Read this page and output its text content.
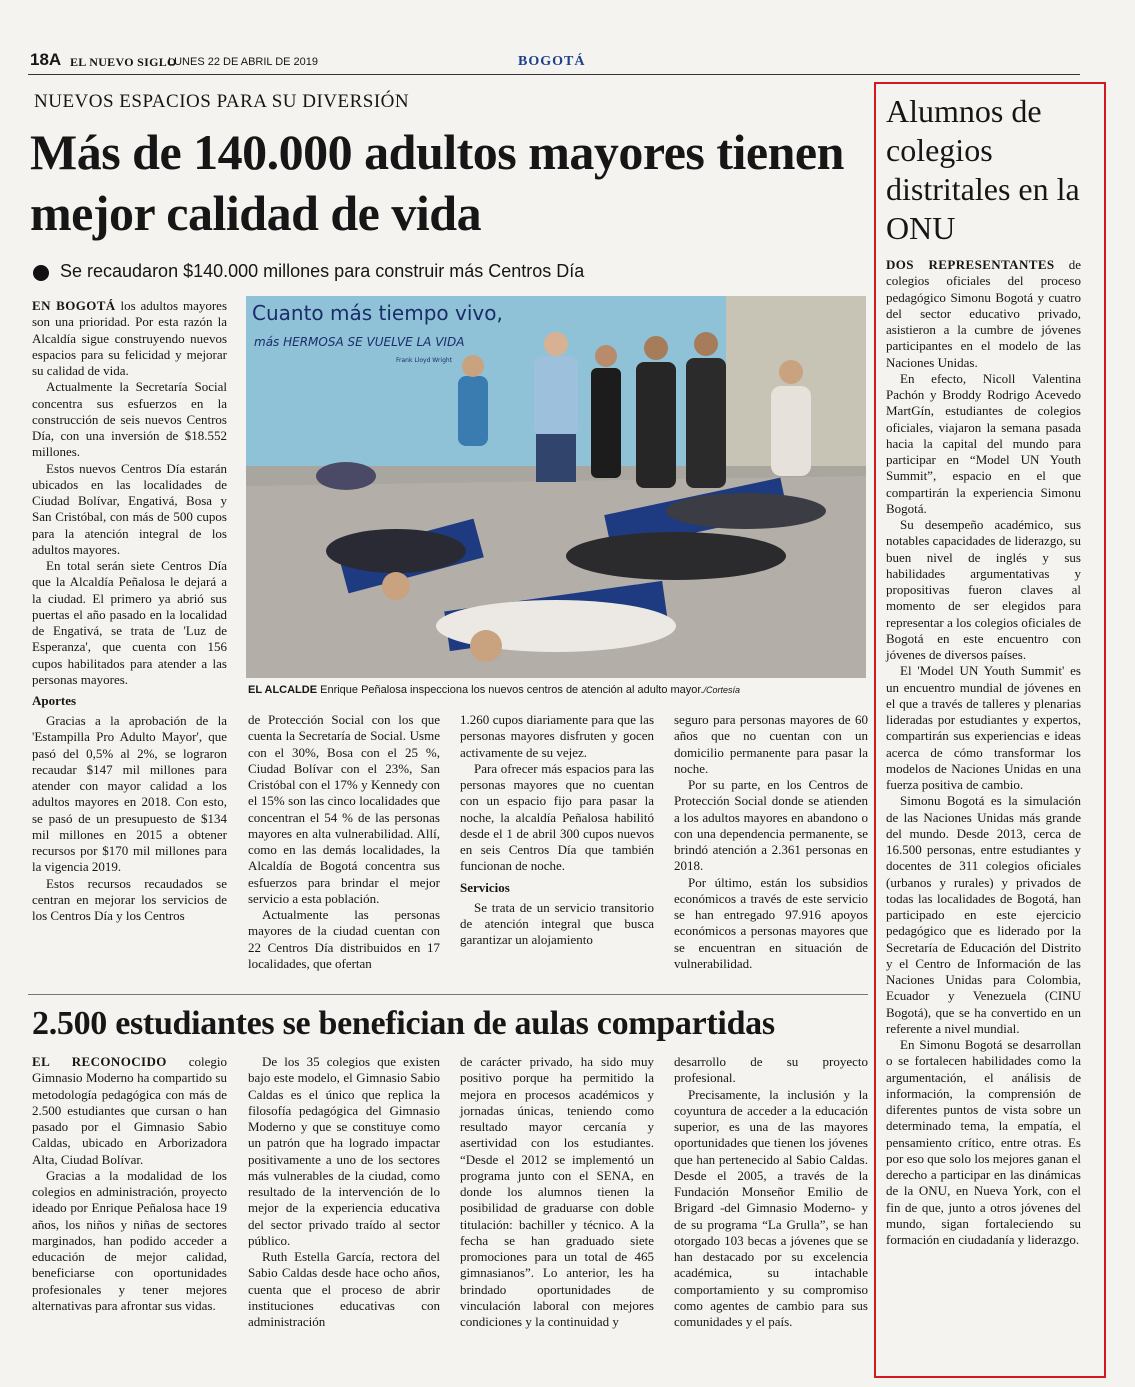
18A EL NUEVO SIGLO
LUNES 22 DE ABRIL DE 2019	BOGOTÁ
NUEVOS ESPACIOS PARA SU DIVERSIÓN
Más de 140.000 adultos mayores tienen mejor calidad de vida
Se recaudaron $140.000 millones para construir más Centros Día

EN BOGOTÁ los adultos mayores son una prioridad. Por esta razón la Alcaldía sigue construyendo nuevos espacios para su felicidad y mejorar su calidad de vida.

Actualmente la Secretaría Social concentra sus esfuerzos en la construcción de seis nuevos Centros Día, con una inversión de $18.552 millones.

Estos nuevos Centros Día estarán ubicados en las localidades de Ciudad Bolívar, Engativá, Bosa y San Cristóbal, con más de 500 cupos para la atención integral de los adultos mayores.

En total serán siete Centros Día que la Alcaldía Peñalosa le dejará a la ciudad. El primero ya abrió sus puertas el año pasado en la localidad de Engativá, se trata de 'Luz de Esperanza', que cuenta con 156 cupos habilitados para atender a las personas mayores.

Aportes

Gracias a la aprobación de la 'Estampilla Pro Adulto Mayor', que pasó del 0,5% al 2%, se lograron recaudar $147 mil millones para atender con mayor calidad a los adultos mayores en 2018. Con esto, se pasó de un presupuesto de $134 mil millones en 2015 a obtener recursos por $170 mil millones para la vigencia 2019.

Estos recursos recaudados se centran en mejorar los servicios de los Centros Día y los Centros

Cuanto más tiempo vivo,
más HERMOSA SE VUELVE LA VIDA
Frank Lloyd Wright
EL ALCALDE Enrique Peñalosa inspecciona los nuevos centros de atención al adulto mayor./Cortesía

de Protección Social con los que cuenta la Secretaría de Social. Usme con el 30%, Bosa con el 25 %, Ciudad Bolívar con el 23%, San Cristóbal con el 17% y Kennedy con el 15% son las cinco localidades que concentran el 54 % de las personas mayores en alta vulnerabilidad. Allí, como en las demás localidades, la Alcaldía de Bogotá concentra sus esfuerzos para brindar el mejor servicio a esta población.

Actualmente las personas mayores de la ciudad cuentan con 22 Centros Día distribuidos en 17 localidades, que ofertan

1.260 cupos diariamente para que las personas mayores disfruten y gocen activamente de su vejez.

Para ofrecer más espacios para las personas mayores que no cuentan con un espacio fijo para pasar la noche, la alcaldía Peñalosa habilitó desde el 1 de abril 300 cupos nuevos en seis Centros Día que también funcionan de noche.

Servicios

Se trata de un servicio transitorio de atención integral que busca garantizar un alojamiento

seguro para personas mayores de 60 años que no cuentan con un domicilio permanente para pasar la noche.

Por su parte, en los Centros de Protección Social donde se atienden a los adultos mayores en abandono o con una dependencia permanente, se brindó atención a 2.361 personas en 2018.

Por último, están los subsidios económicos a través de este servicio se han entregado 97.916 apoyos económicos a personas mayores que se encuentran en situación de vulnerabilidad.

2.500 estudiantes se benefician de aulas compartidas

EL RECONOCIDO colegio Gimnasio Moderno ha compartido su metodología pedagógica con más de 2.500 estudiantes que cursan o han pasado por el Gimnasio Sabio Caldas, ubicado en Arborizadora Alta, Ciudad Bolívar.

Gracias a la modalidad de los colegios en administración, proyecto ideado por Enrique Peñalosa hace 19 años, los niños y niñas de sectores marginados, han podido acceder a educación de mejor calidad, beneficiarse con oportunidades profesionales y tener mejores alternativas para afrontar sus vidas.

De los 35 colegios que existen bajo este modelo, el Gimnasio Sabio Caldas es el único que replica la filosofía pedagógica del Gimnasio Moderno y que se constituye como un patrón que ha logrado impactar positivamente a uno de los sectores más vulnerables de la ciudad, como resultado de la intervención de lo mejor de la experiencia educativa del sector privado traído al sector público.

Ruth Estella García, rectora del Sabio Caldas desde hace ocho años, cuenta que el proceso de abrir instituciones educativas con administración

de carácter privado, ha sido muy positivo porque ha permitido la mejora en procesos académicos y jornadas únicas, teniendo como resultado mayor cercanía y asertividad con los estudiantes. “Desde el 2012 se implementó un programa junto con el SENA, en donde los alumnos tienen la posibilidad de graduarse con doble titulación: bachiller y técnico. A la fecha se han graduado siete promociones para un total de 465 gimnasianos”. Lo anterior, les ha brindado oportunidades de vinculación laboral con mejores condiciones y la continuidad y

desarrollo de su proyecto profesional.

Precisamente, la inclusión y la coyuntura de acceder a la educación superior, es una de las mayores oportunidades que tienen los jóvenes que han pertenecido al Sabio Caldas. Desde el 2005, a través de la Fundación Monseñor Emilio de Brigard -del Gimnasio Moderno- y de su programa “La Grulla”, se han otorgado 103 becas a jóvenes que se han destacado por su excelencia académica, su intachable comportamiento y su compromiso como agentes de cambio para sus comunidades y el país.

Alumnos de colegios distritales en la ONU

DOS REPRESENTANTES de colegios oficiales del proceso pedagógico Simonu Bogotá y cuatro del sector educativo privado, asistieron a la cumbre de jóvenes participantes en el modelo de las Naciones Unidas.

En efecto, Nicoll Valentina Pachón y Broddy Rodrigo Acevedo MartGín, estudiantes de colegios oficiales, viajaron la semana pasada hacia la capital del mundo para participar en “Model UN Youth Summit”, espacio en el que compartirán la experiencia Simonu Bogotá.

Su desempeño académico, sus notables capacidades de liderazgo, su buen nivel de inglés y sus habilidades argumentativas y propositivas fueron claves al momento de ser elegidos para representar a los colegios oficiales de Bogotá en este encuentro con jóvenes de diversos países.

El 'Model UN Youth Summit' es un encuentro mundial de jóvenes en el que a través de talleres y plenarias lideradas por estudiantes y expertos, compartirán sus experiencias e ideas acerca de cómo transformar los modelos de Naciones Unidas en una fuerza positiva de cambio.

Simonu Bogotá es la simulación de las Naciones Unidas más grande del mundo. Desde 2013, cerca de 16.500 personas, entre estudiantes y docentes de 311 colegios oficiales (urbanos y rurales) y privados de todas las localidades de Bogotá, han participado en este ejercicio pedagógico que es liderado por la Secretaría de Educación del Distrito y el Centro de Información de las Naciones Unidas para Colombia, Ecuador y Venezuela (CINU Bogotá), que se ha convertido en un referente a nivel mundial.

En Simonu Bogotá se desarrollan o se fortalecen habilidades como la argumentación, el análisis de información, la comprensión de diferentes puntos de vista sobre un determinado tema, la empatía, el pensamiento crítico, entre otras. Es por eso que solo los mejores ganan el derecho a participar en las dinámicas de la ONU, en Nueva York, con el fin de que, junto a otros jóvenes del mundo, sigan fortaleciendo su formación en ciudadanía y liderazgo.
